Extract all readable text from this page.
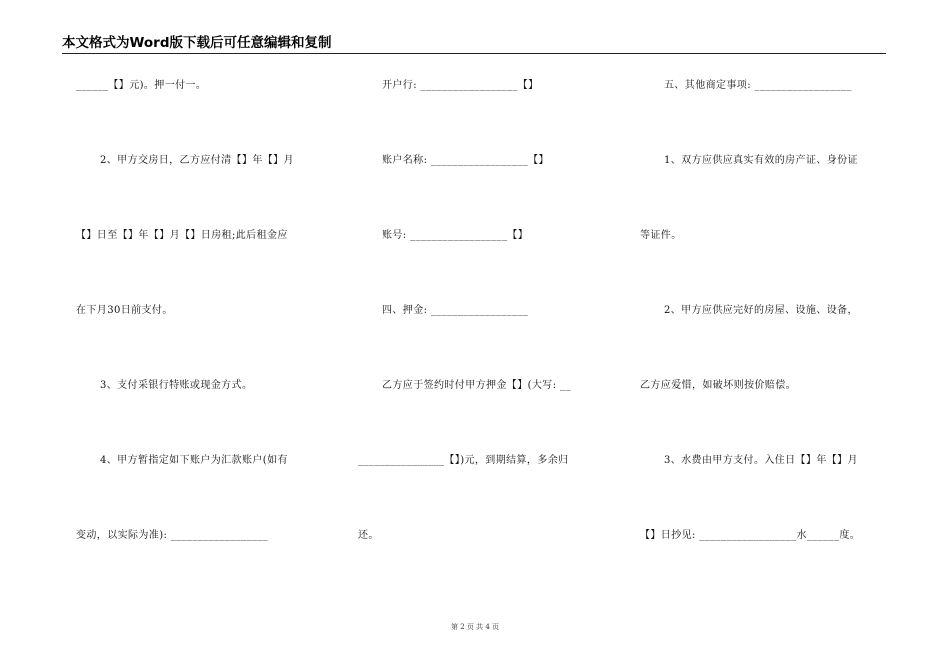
本文格式为Word版下载后可任意编辑和复制
______【】元)。押一付一。
2、甲方交房日，乙方应付清【】年【】月
【】日至【】年【】月【】日房租;此后租金应
在下月30日前支付。
3、支付采银行特账或现金方式。
4、甲方暂指定如下账户为汇款账户(如有
变动，以实际为准): __________________
开户行: __________________【】
账户名称: __________________【】
账号: __________________【】
四、押金: __________________
乙方应于签约时付甲方押金【】(大写: __
________________【】)元，到期结算，多余归
还。
五、其他商定事项: __________________
1、双方应供应真实有效的房产证、身份证
等证件。
2、甲方应供应完好的房屋、设施、设备，
乙方应爱惜，如破坏则按价赔偿。
3、水费由甲方支付。入住日【】年【】月
【】日抄见: __________________水______度。
第 2 页 共 4 页
